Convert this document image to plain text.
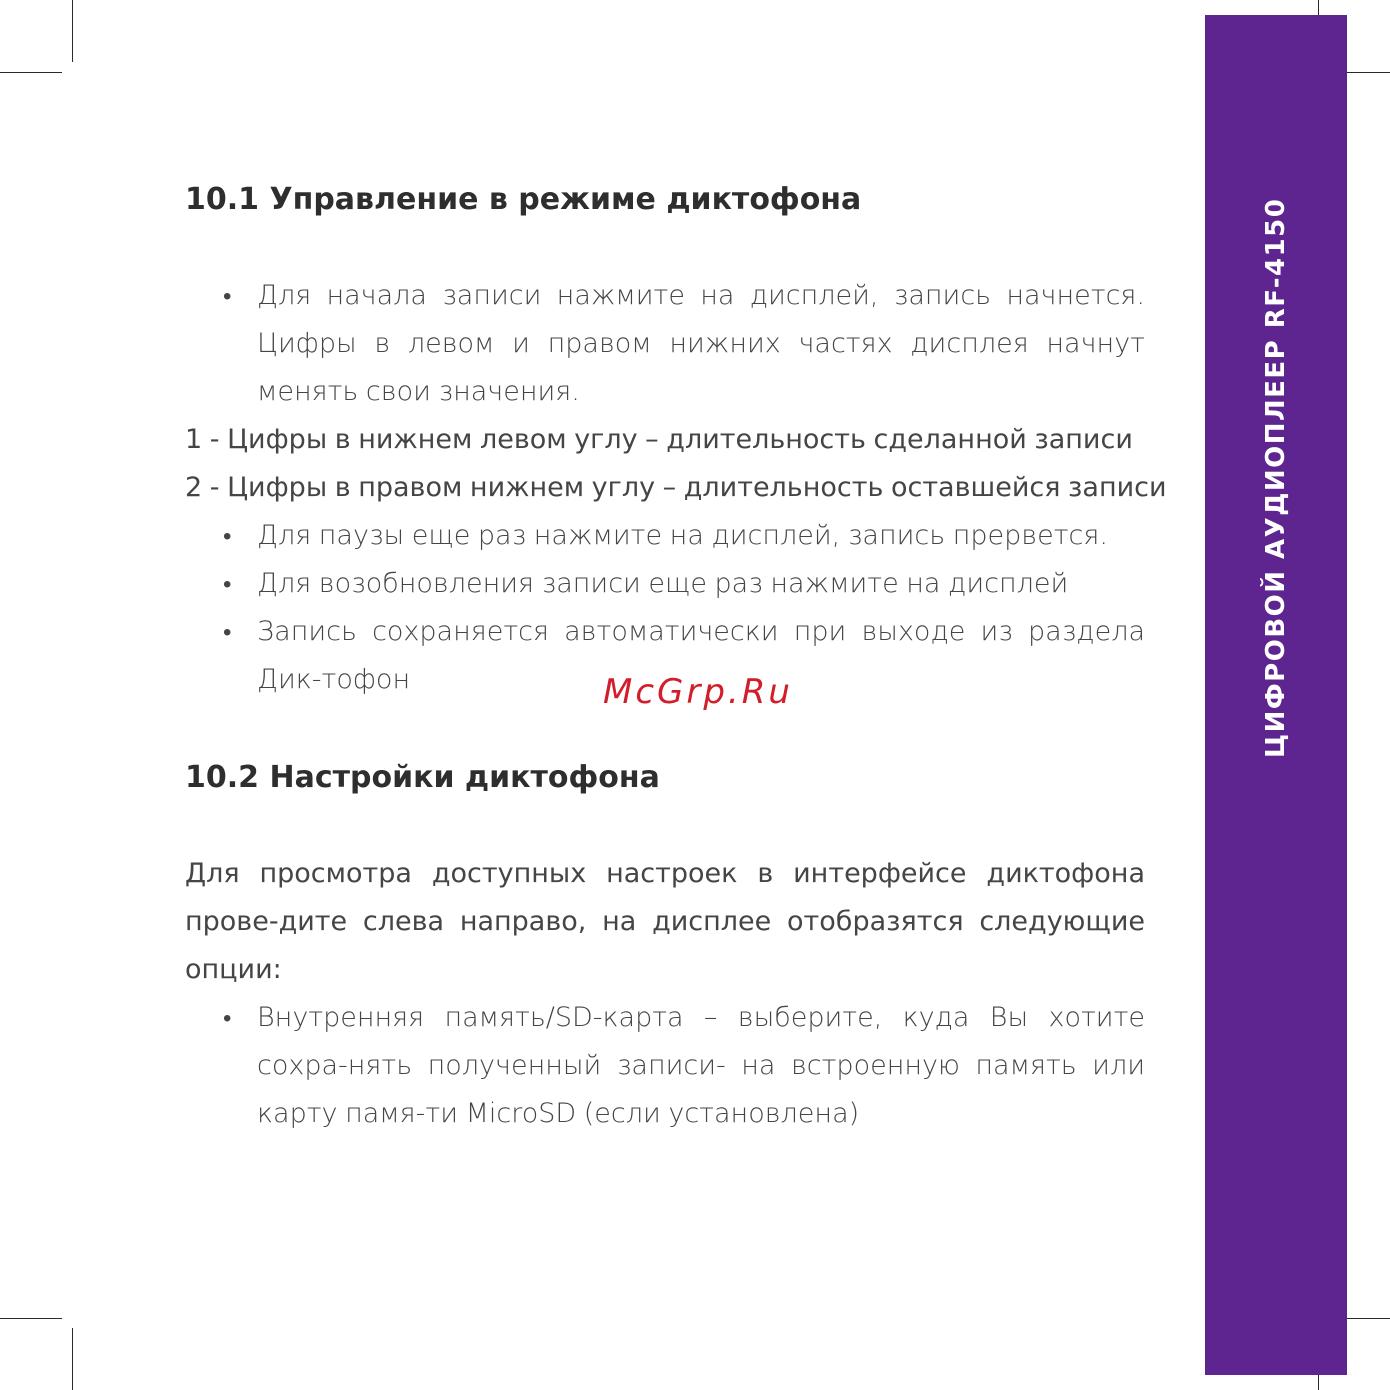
ЦИФРОВОЙ АУДИОПЛЕЕР RF-4150
10.1 Управление в режиме диктофона
• Для начала записи нажмите на дисплей, запись начнется. Цифры в левом и правом нижних частях дисплея начнут менять свои значения.
1 - Цифры в нижнем левом углу – длительность сделанной записи
2 - Цифры в правом нижнем углу – длительность оставшейся записи
• Для паузы еще раз нажмите на дисплей, запись прервется.
• Для возобновления записи еще раз нажмите на дисплей
• Запись сохраняется автоматически при выходе из раздела Дик-тофон
10.2 Настройки диктофона
Для просмотра доступных настроек в интерфейсе диктофона прове-дите слева направо, на дисплее отобразятся следующие опции:
• Внутренняя память/SD-карта – выберите, куда Вы хотите сохра-нять полученный записи- на встроенную память или карту памя-ти MicroSD (если установлена)
McGrp.Ru
